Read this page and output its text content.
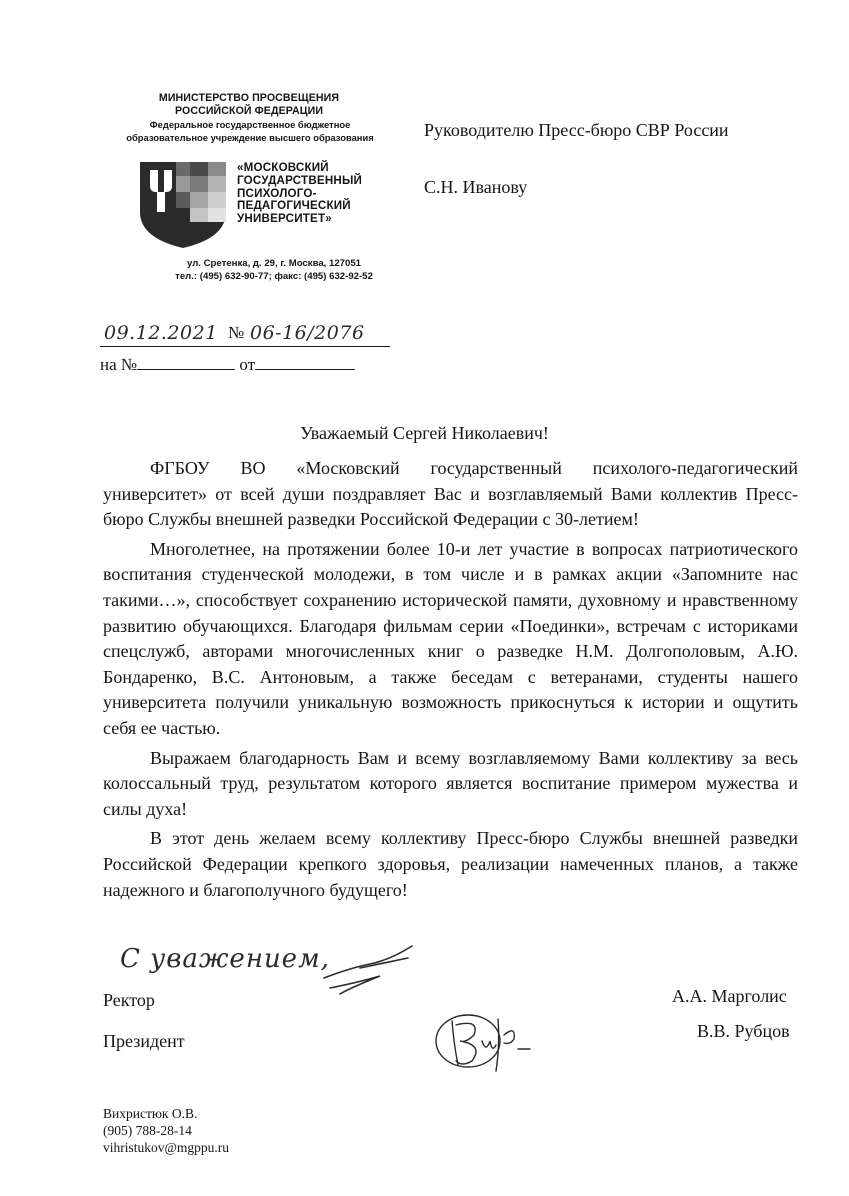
МИНИСТЕРСТВО ПРОСВЕЩЕНИЯ
РОССИЙСКОЙ ФЕДЕРАЦИИ
Федеральное государственное бюджетное
образовательное учреждение высшего образования
«МОСКОВСКИЙ
ГОСУДАРСТВЕННЫЙ
ПСИХОЛОГО-
ПЕДАГОГИЧЕСКИЙ
УНИВЕРСИТЕТ»
ул. Сретенка, д. 29, г. Москва, 127051
тел.: (495) 632-90-77; факс: (495) 632-92-52
Руководителю Пресс-бюро СВР России
С.Н. Иванову
09.12.2021 № 06-16/2076
на №	от
Уважаемый Сергей Николаевич!

ФГБОУ ВО «Московский государственный психолого-педагогический университет» от всей души поздравляет Вас и возглавляемый Вами коллектив Пресс-бюро Службы внешней разведки Российской Федерации с 30-летием!

Многолетнее, на протяжении более 10-и лет участие в вопросах патриотического воспитания студенческой молодежи, в том числе и в рамках акции «Запомните нас такими…», способствует сохранению исторической памяти, духовному и нравственному развитию обучающихся. Благодаря фильмам серии «Поединки», встречам с историками спецслужб, авторами многочисленных книг о разведке Н.М. Долгополовым, А.Ю. Бондаренко, В.С. Антоновым, а также беседам с ветеранами, студенты нашего университета получили уникальную возможность прикоснуться к истории и ощутить себя ее частью.

Выражаем благодарность Вам и всему возглавляемому Вами коллективу за весь колоссальный труд, результатом которого является воспитание примером мужества и силы духа!

В этот день желаем всему коллективу Пресс-бюро Службы внешней разведки Российской Федерации крепкого здоровья, реализации намеченных планов, а также надежного и благополучного будущего!

С уважением,
Ректор	А.А. Марголис
Президент	В.В. Рубцов
Вихристюк О.В.
(905) 788-28-14
vihristukov@mgppu.ru
